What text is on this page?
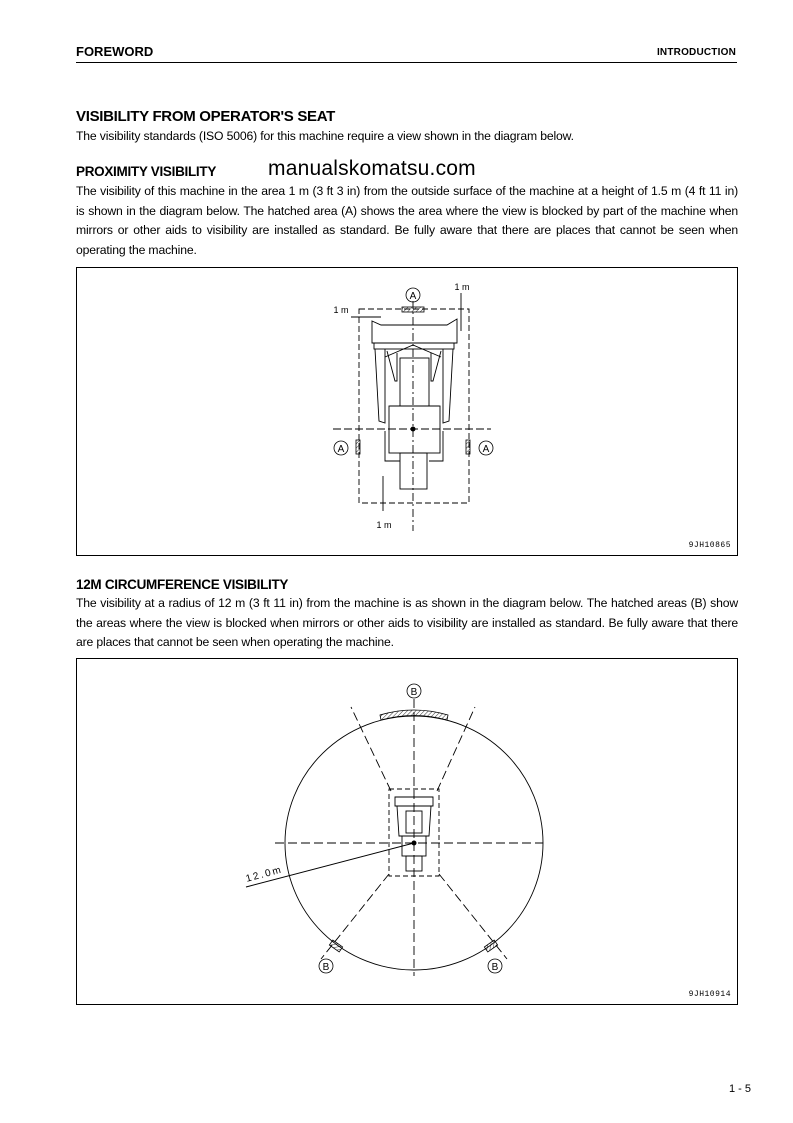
FOREWORD	INTRODUCTION
VISIBILITY FROM OPERATOR'S SEAT

The visibility standards (ISO 5006) for this machine require a view shown in the diagram below.

PROXIMITY VISIBILITY manualskomatsu.com

The visibility of this machine in the area 1 m (3 ft 3 in) from the outside surface of the machine at a height of 1.5 m (4 ft 11 in) is shown in the diagram below. The hatched area (A) shows the area where the view is blocked by part of the machine when mirrors or other aids to visibility are installed as standard. Be fully aware that there are places that cannot be seen when operating the machine.

A
A	A
1 m
1 m
1 m
9JH10865
12M CIRCUMFERENCE VISIBILITY

The visibility at a radius of 12 m (3 ft 11 in) from the machine is as shown in the diagram below. The hatched areas (B) show the areas where the view is blocked when mirrors or other aids to visibility are installed as standard. Be fully aware that there are places that cannot be seen when operating the machine.

B
B	B
12.0m
9JH10914
1 - 5
